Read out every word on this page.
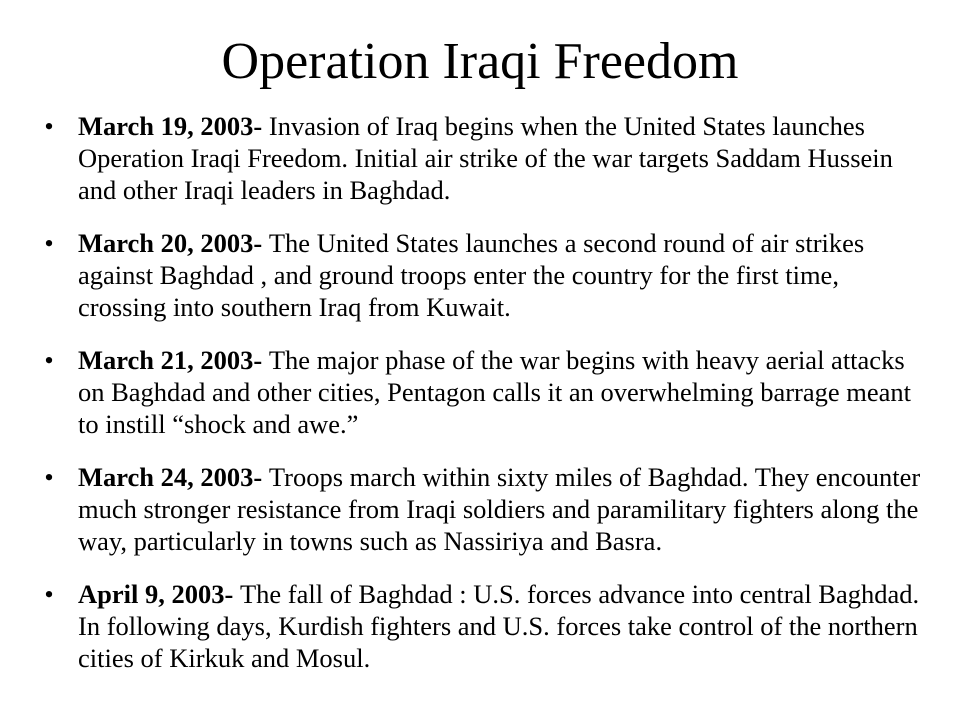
Operation Iraqi Freedom
• March 19, 2003- Invasion of Iraq begins when the United States launches Operation Iraqi Freedom. Initial air strike of the war targets Saddam Hussein and other Iraqi leaders in Baghdad.
• March 20, 2003- The United States launches a second round of air strikes against Baghdad , and ground troops enter the country for the first time, crossing into southern Iraq from Kuwait.
• March 21, 2003- The major phase of the war begins with heavy aerial attacks on Baghdad and other cities, Pentagon calls it an overwhelming barrage meant to instill “shock and awe.”
• March 24, 2003- Troops march within sixty miles of Baghdad. They encounter much stronger resistance from Iraqi soldiers and paramilitary fighters along the way, particularly in towns such as Nassiriya and Basra.
• April 9, 2003- The fall of Baghdad : U.S. forces advance into central Baghdad. In following days, Kurdish fighters and U.S. forces take control of the northern cities of Kirkuk and Mosul.
